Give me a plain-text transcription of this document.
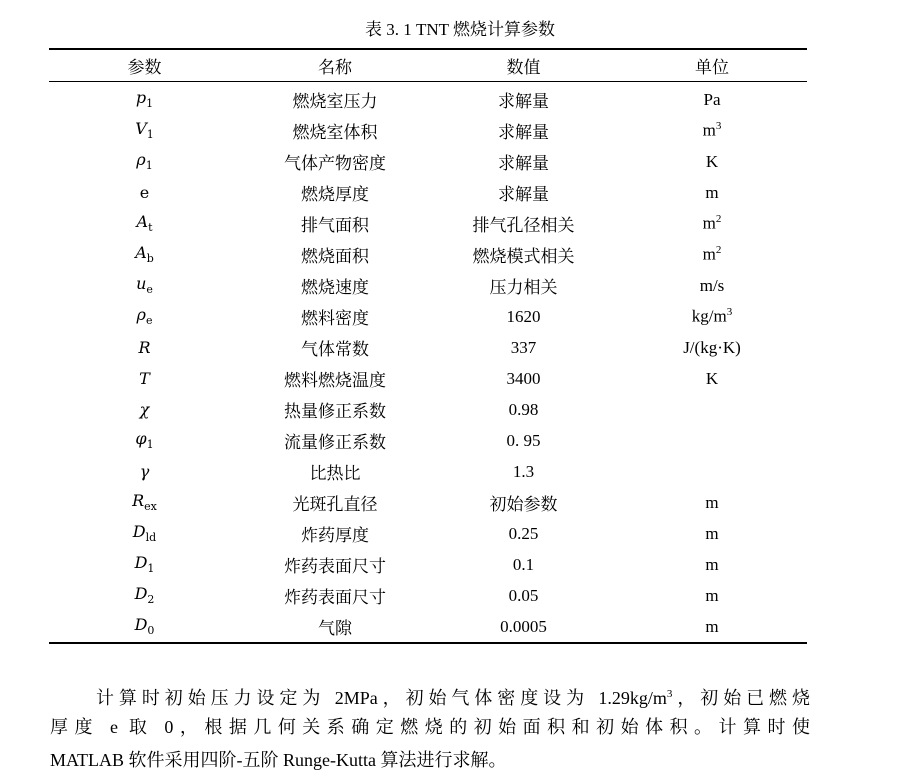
表 3. 1 TNT 燃烧计算参数
参数	名称	数值	单位
$p_1$	燃烧室压力	求解量	Pa
$V_1$	燃烧室体积	求解量	$m^3$
$\rho_1$	气体产物密度	求解量	K
e	燃烧厚度	求解量	m
$A_t$	排气面积	排气孔径相关	$m^2$
$A_b$	燃烧面积	燃烧模式相关	$m^2$
$u_e$	燃烧速度	压力相关	m/s
$\rho_e$	燃料密度	1620	$kg/m^3$
R	气体常数	337	J/(kg·K)
T	燃料燃烧温度	3400	K
χ	热量修正系数	0.98	
$\varphi_1$	流量修正系数	0. 95	
γ	比热比	1.3	
$R_{ex}$	光斑孔直径	初始参数	m
$D_{ld}$	炸药厚度	0.25	m
$D_1$	炸药表面尺寸	0.1	m
$D_2$	炸药表面尺寸	0.05	m
$D_0$	气隙	0.0005	m
计算时初始压力设定为 2MPa，初始气体密度设为 $1.29kg/m^3$，初始已燃烧
厚度 e 取 0，根据几何关系确定燃烧的初始面积和初始体积。计算时使
MATLAB 软件采用四阶-五阶 Runge-Kutta 算法进行求解。
